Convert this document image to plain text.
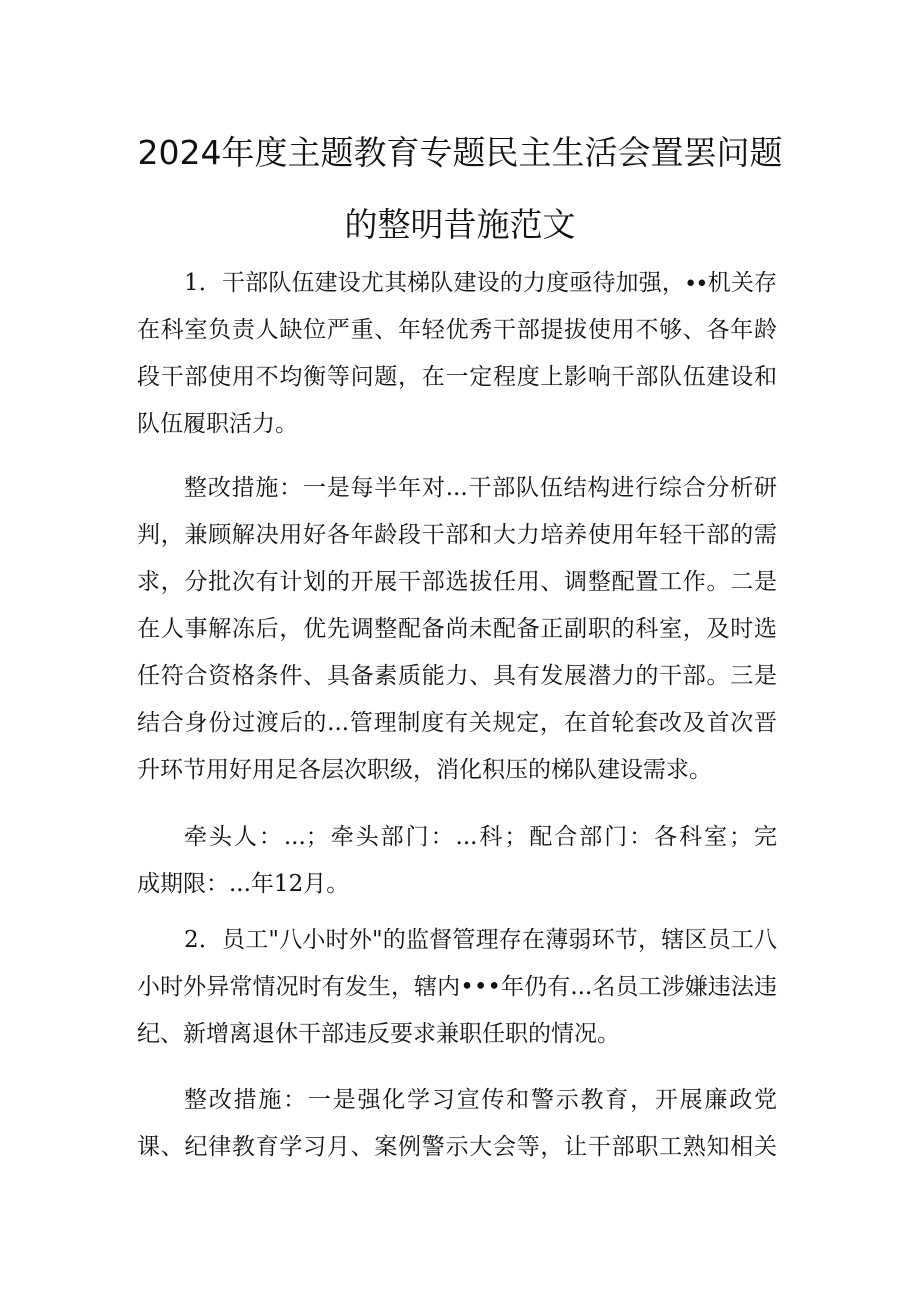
2024年度主题教育专题民主生活会置罢问题
的整明昔施范文
1．干部队伍建设尤其梯队建设的力度亟待加强，∙∙机关存
在科室负责人缺位严重、年轻优秀干部提拔使用不够、各年龄
段干部使用不均衡等问题，在一定程度上影响干部队伍建设和
队伍履职活力。
整改措施：一是每半年对...干部队伍结构进行综合分析研
判，兼顾解决用好各年龄段干部和大力培养使用年轻干部的需
求，分批次有计划的开展干部选拔任用、调整配置工作。二是
在人事解冻后，优先调整配备尚未配备正副职的科室，及时选
任符合资格条件、具备素质能力、具有发展潜力的干部。三是
结合身份过渡后的...管理制度有关规定，在首轮套改及首次晋
升环节用好用足各层次职级，消化积压的梯队建设需求。
牵头人：...；牵头部门：...科；配合部门：各科室；完
成期限：...年12月。
2．员工"八小时外"的监督管理存在薄弱环节，辖区员工八
小时外异常情况时有发生，辖内•••年仍有...名员工涉嫌违法违
纪、新增离退休干部违反要求兼职任职的情况。
整改措施：一是强化学习宣传和警示教育，开展廉政党
课、纪律教育学习月、案例警示大会等，让干部职工熟知相关
